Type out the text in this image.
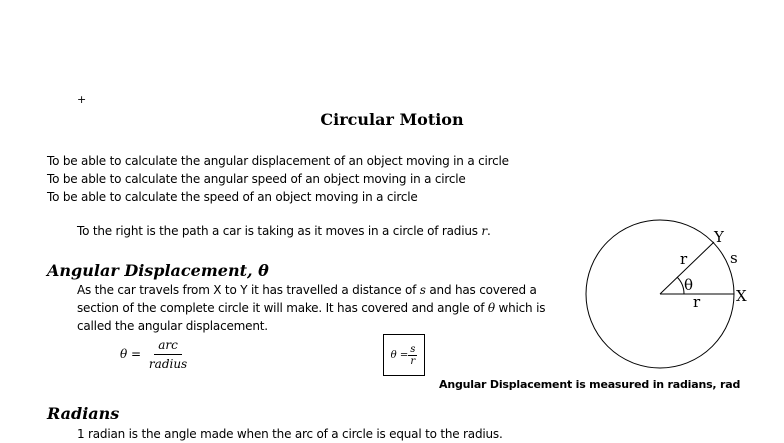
+
Circular Motion
To be able to calculate the angular displacement of an object moving in a circle
To be able to calculate the angular speed of an object moving in a circle
To be able to calculate the speed of an object moving in a circle
To the right is the path a car is taking as it moves in a circle of radius r.
Angular Displacement, θ
As the car travels from X to Y it has travelled a distance of s and has covered a
section of the complete circle it will make. It has covered and angle of θ which is
called the angular displacement.
$\theta = \frac{\text{arc}}{\text{radius}}$	$\theta = \frac{s}{r}$
Angular Displacement is measured in radians, rad
Radians
1 radian is the angle made when the arc of a circle is equal to the radius.
Y
X
s
r
r
θ
